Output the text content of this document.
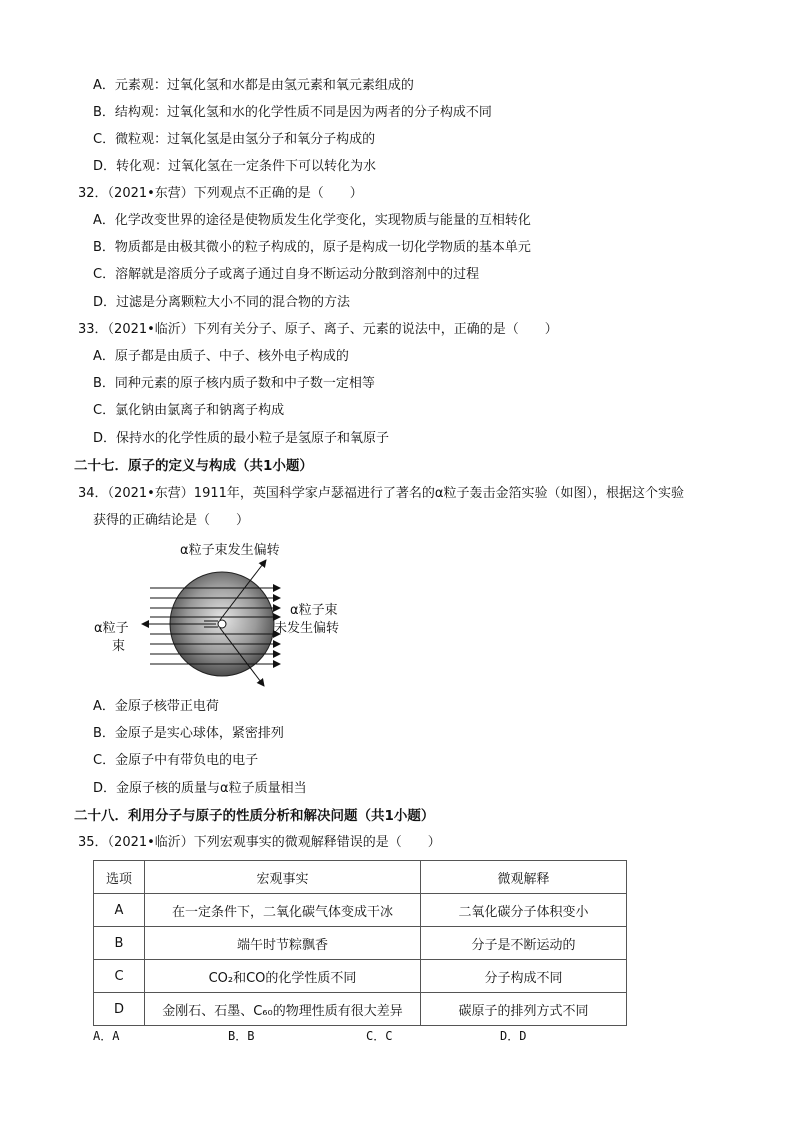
A．元素观：过氧化氢和水都是由氢元素和氧元素组成的
B．结构观：过氧化氢和水的化学性质不同是因为两者的分子构成不同
C．微粒观：过氧化氢是由氢分子和氧分子构成的
D．转化观：过氧化氢在一定条件下可以转化为水
32．（2021•东营）下列观点不正确的是（　　）
A．化学改变世界的途径是使物质发生化学变化，实现物质与能量的互相转化
B．物质都是由极其微小的粒子构成的，原子是构成一切化学物质的基本单元
C．溶解就是溶质分子或离子通过自身不断运动分散到溶剂中的过程
D．过滤是分离颗粒大小不同的混合物的方法
33．（2021•临沂）下列有关分子、原子、离子、元素的说法中，正确的是（　　）
A．原子都是由质子、中子、核外电子构成的
B．同种元素的原子核内质子数和中子数一定相等
C．氯化钠由氯离子和钠离子构成
D．保持水的化学性质的最小粒子是氢原子和氧原子
二十七．原子的定义与构成（共1小题）
34．（2021•东营）1911年，英国科学家卢瑟福进行了著名的α粒子轰击金箔实验（如图），根据这个实验
获得的正确结论是（　　）
α粒子束发生偏转
α粒子束
未发生偏转
α粒子
束
A．金原子核带正电荷
B．金原子是实心球体，紧密排列
C．金原子中有带负电的电子
D．金原子核的质量与α粒子质量相当
二十八．利用分子与原子的性质分析和解决问题（共1小题）
35．（2021•临沂）下列宏观事实的微观解释错误的是（　　）
选项	宏观事实	微观解释
A	在一定条件下，二氧化碳气体变成干冰	二氧化碳分子体积变小
B	端午时节粽飘香	分子是不断运动的
C	CO₂和CO的化学性质不同	分子构成不同
D	金刚石、石墨、C₆₀的物理性质有很大差异	碳原子的排列方式不同
A．A	B．B	C．C	D．D
